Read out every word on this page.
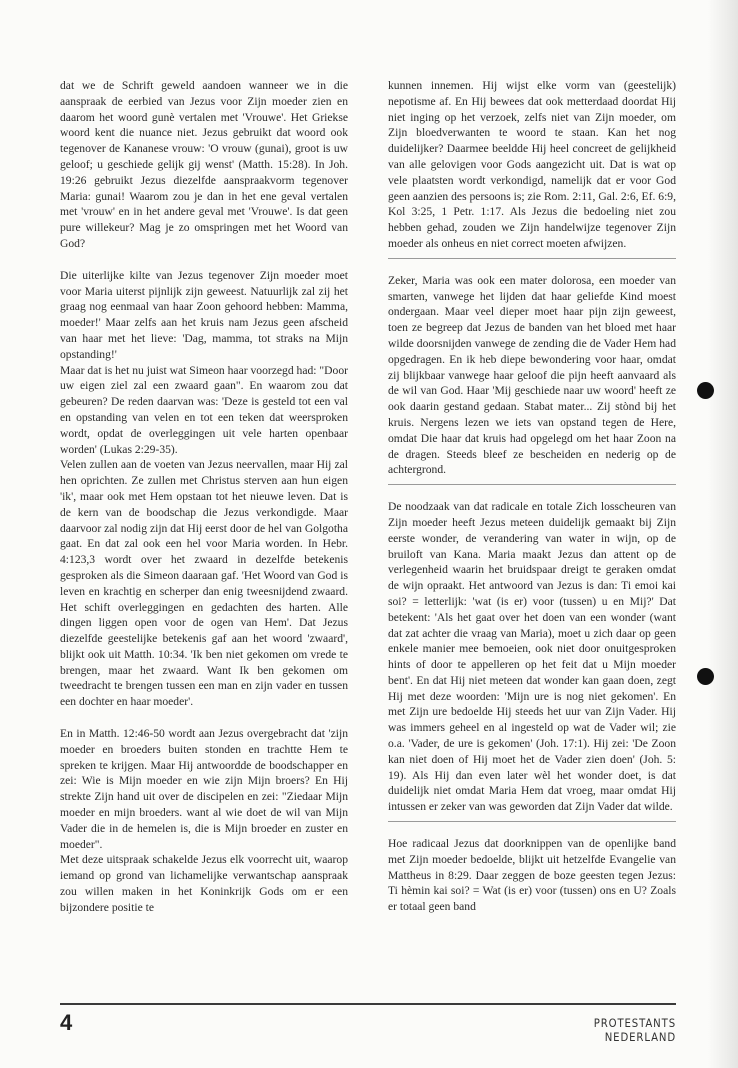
dat we de Schrift geweld aandoen wanneer we in die aanspraak de eerbied van Jezus voor Zijn moeder zien en daarom het woord gunè vertalen met 'Vrouwe'. Het Griekse woord kent die nuance niet. Jezus gebruikt dat woord ook tegenover de Kananese vrouw: 'O vrouw (gunai), groot is uw geloof; u geschiede gelijk gij wenst' (Matth. 15:28). In Joh. 19:26 gebruikt Jezus diezelfde aanspraakvorm tegenover Maria: gunai! Waarom zou je dan in het ene geval vertalen met 'vrouw' en in het andere geval met 'Vrouwe'. Is dat geen pure willekeur? Mag je zo omspringen met het Woord van God?

Die uiterlijke kilte van Jezus tegenover Zijn moeder moet voor Maria uiterst pijnlijk zijn geweest. Natuurlijk zal zij het graag nog eenmaal van haar Zoon gehoord hebben: Mamma, moeder!' Maar zelfs aan het kruis nam Jezus geen afscheid van haar met het lieve: 'Dag, mamma, tot straks na Mijn opstanding!'

Maar dat is het nu juist wat Simeon haar voorzegd had: "Door uw eigen ziel zal een zwaard gaan". En waarom zou dat gebeuren? De reden daarvan was: 'Deze is gesteld tot een val en opstanding van velen en tot een teken dat weersproken wordt, opdat de overleggingen uit vele harten openbaar worden' (Lukas 2:29-35).

Velen zullen aan de voeten van Jezus neervallen, maar Hij zal hen oprichten. Ze zullen met Christus sterven aan hun eigen 'ik', maar ook met Hem opstaan tot het nieuwe leven. Dat is de kern van de boodschap die Jezus verkondigde. Maar daarvoor zal nodig zijn dat Hij eerst door de hel van Golgotha gaat. En dat zal ook een hel voor Maria worden. In Hebr. 4:123,3 wordt over het zwaard in dezelfde betekenis gesproken als die Simeon daaraan gaf. 'Het Woord van God is leven en krachtig en scherper dan enig tweesnijdend zwaard. Het schift overleggingen en gedachten des harten. Alle dingen liggen open voor de ogen van Hem'. Dat Jezus diezelfde geestelijke betekenis gaf aan het woord 'zwaard', blijkt ook uit Matth. 10:34. 'Ik ben niet gekomen om vrede te brengen, maar het zwaard. Want Ik ben gekomen om tweedracht te brengen tussen een man en zijn vader en tussen een dochter en haar moeder'.

En in Matth. 12:46-50 wordt aan Jezus overgebracht dat 'zijn moeder en broeders buiten stonden en trachtte Hem te spreken te krijgen. Maar Hij antwoordde de boodschapper en zei: Wie is Mijn moeder en wie zijn Mijn broers? En Hij strekte Zijn hand uit over de discipelen en zei: "Ziedaar Mijn moeder en mijn broeders. want al wie doet de wil van Mijn Vader die in de hemelen is, die is Mijn broeder en zuster en moeder".

Met deze uitspraak schakelde Jezus elk voorrecht uit, waarop iemand op grond van lichamelijke verwantschap aanspraak zou willen maken in het Koninkrijk Gods om er een bijzondere positie te

kunnen innemen. Hij wijst elke vorm van (geestelijk) nepotisme af. En Hij bewees dat ook metterdaad doordat Hij niet inging op het verzoek, zelfs niet van Zijn moeder, om Zijn bloedverwanten te woord te staan. Kan het nog duidelijker? Daarmee beeldde Hij heel concreet de gelijkheid van alle gelovigen voor Gods aangezicht uit. Dat is wat op vele plaatsten wordt verkondigd, namelijk dat er voor God geen aanzien des persoons is; zie Rom. 2:11, Gal. 2:6, Ef. 6:9, Kol 3:25, 1 Petr. 1:17. Als Jezus die bedoeling niet zou hebben gehad, zouden we Zijn handelwijze tegenover Zijn moeder als onheus en niet correct moeten afwijzen.

Zeker, Maria was ook een mater dolorosa, een moeder van smarten, vanwege het lijden dat haar geliefde Kind moest ondergaan. Maar veel dieper moet haar pijn zijn geweest, toen ze begreep dat Jezus de banden van het bloed met haar wilde doorsnijden vanwege de zending die de Vader Hem had opgedragen. En ik heb diepe bewondering voor haar, omdat zij blijkbaar vanwege haar geloof die pijn heeft aanvaard als de wil van God. Haar 'Mij geschiede naar uw woord' heeft ze ook daarin gestand gedaan. Stabat mater... Zij stònd bij het kruis. Nergens lezen we iets van opstand tegen de Here, omdat Die haar dat kruis had opgelegd om het haar Zoon na de dragen. Steeds bleef ze bescheiden en nederig op de achtergrond.

De noodzaak van dat radicale en totale Zich losscheuren van Zijn moeder heeft Jezus meteen duidelijk gemaakt bij Zijn eerste wonder, de verandering van water in wijn, op de bruiloft van Kana. Maria maakt Jezus dan attent op de verlegenheid waarin het bruidspaar dreigt te geraken omdat de wijn opraakt. Het antwoord van Jezus is dan: Ti emoi kai soi? = letterlijk: 'wat (is er) voor (tussen) u en Mij?' Dat betekent: 'Als het gaat over het doen van een wonder (want dat zat achter die vraag van Maria), moet u zich daar op geen enkele manier mee bemoeien, ook niet door onuitgesproken hints of door te appelleren op het feit dat u Mijn moeder bent'. En dat Hij niet meteen dat wonder kan gaan doen, zegt Hij met deze woorden: 'Mijn ure is nog niet gekomen'. En met Zijn ure bedoelde Hij steeds het uur van Zijn Vader. Hij was immers geheel en al ingesteld op wat de Vader wil; zie o.a. 'Vader, de ure is gekomen' (Joh. 17:1). Hij zei: 'De Zoon kan niet doen of Hij moet het de Vader zien doen' (Joh. 5: 19). Als Hij dan even later wèl het wonder doet, is dat duidelijk niet omdat Maria Hem dat vroeg, maar omdat Hij intussen er zeker van was geworden dat Zijn Vader dat wilde.

Hoe radicaal Jezus dat doorknippen van de openlijke band met Zijn moeder bedoelde, blijkt uit hetzelfde Evangelie van Mattheus in 8:29. Daar zeggen de boze geesten tegen Jezus: Ti hèmin kai soi? = Wat (is er) voor (tussen) ons en U? Zoals er totaal geen band

4	PROTESTANTS NEDERLAND
